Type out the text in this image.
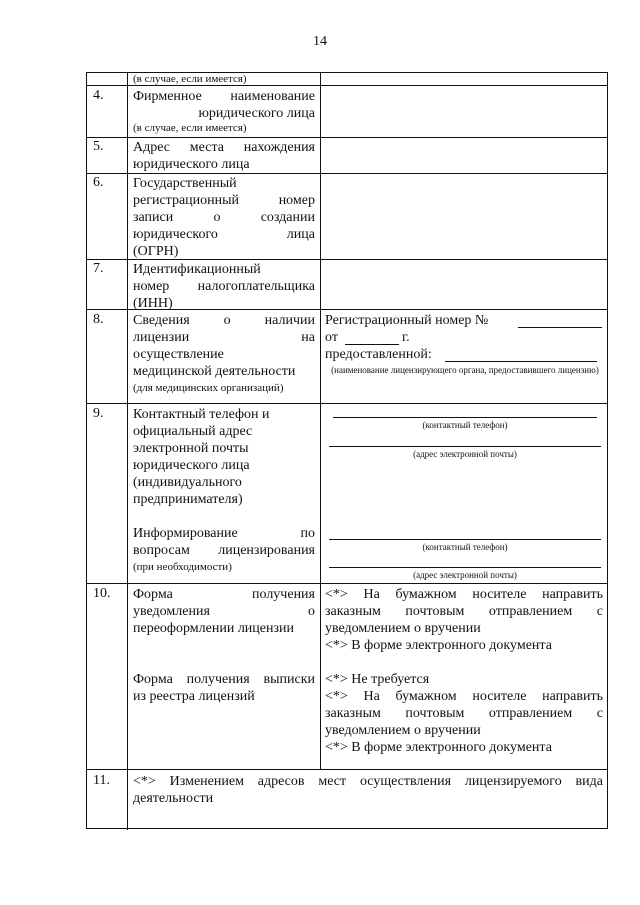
14
(в случае, если имеется)
4. Фирменное наименование
юридического лица
(в случае, если имеется)
5. Адрес места нахождения
юридического лица
6. Государственный
регистрационный номер
записи о создании
юридического лица
(ОГРН)
7. Идентификационный
номер налогоплательщика
(ИНН)
8. Сведения о наличии
лицензии на
осуществление
медицинской деятельности
(для медицинских организаций)
Регистрационный номер №
от	г.
предоставленной:
(наименование лицензирующего органа, предоставившего лицензию)
9. Контактный телефон и
официальный адрес
электронной почты
юридического лица
(индивидуального
предпринимателя)
Информирование по
вопросам лицензирования
(при необходимости)
(контактный телефон)
(адрес электронной почты)
(контактный телефон)
(адрес электронной почты)
10. Форма получения
уведомления о
переоформлении лицензии
Форма получения выписки
из реестра лицензий
<*> На бумажном носителе направить
заказным почтовым отправлением с
уведомлением о вручении
<*> В форме электронного документа
<*> Не требуется
<*> На бумажном носителе направить
заказным почтовым отправлением с
уведомлением о вручении
<*> В форме электронного документа
11. <*> Изменением адресов мест осуществления лицензируемого вида
деятельности
